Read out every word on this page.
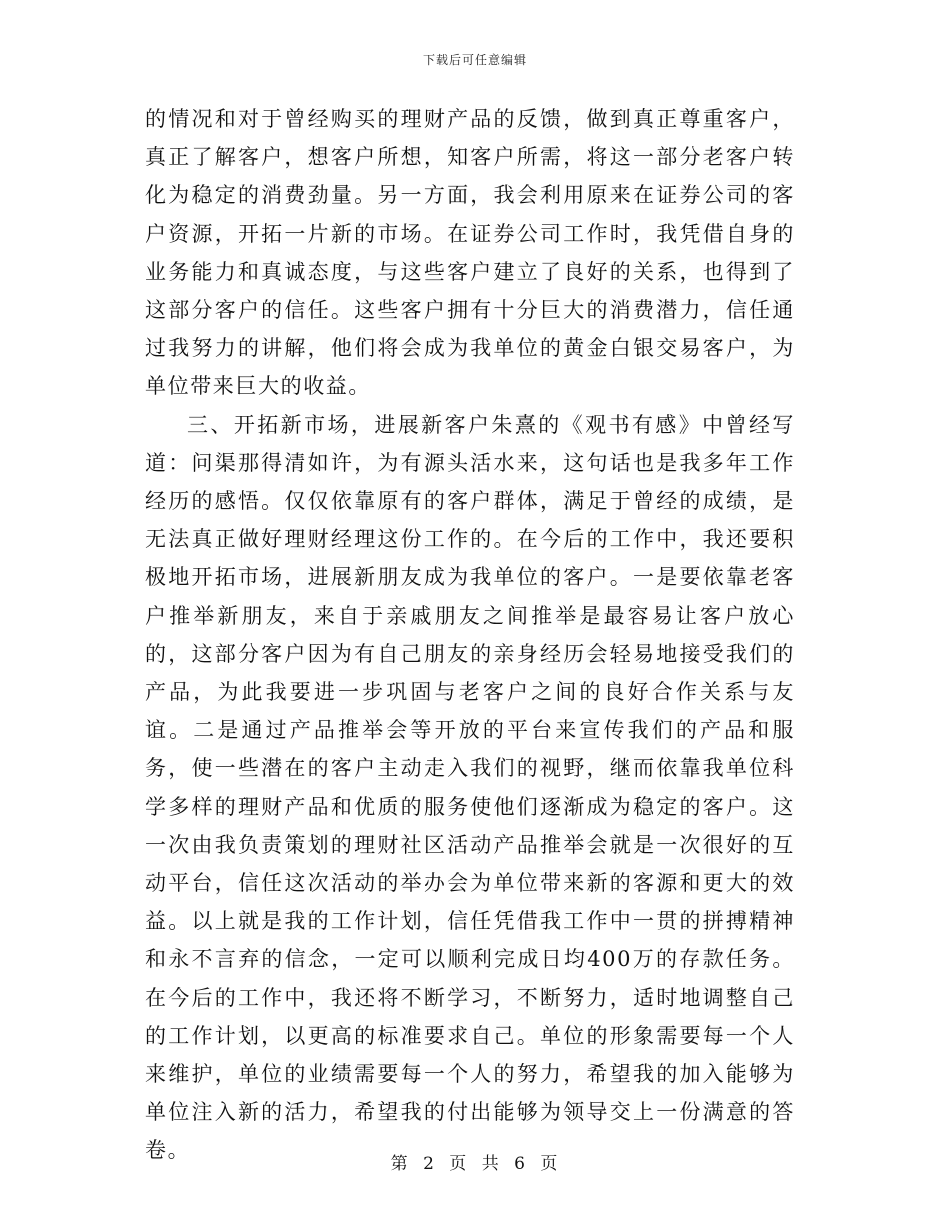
下载后可任意编辑

的情况和对于曾经购买的理财产品的反馈，做到真正尊重客户，真正了解客户，想客户所想，知客户所需，将这一部分老客户转化为稳定的消费劲量。另一方面，我会利用原来在证券公司的客户资源，开拓一片新的市场。在证券公司工作时，我凭借自身的业务能力和真诚态度，与这些客户建立了良好的关系，也得到了这部分客户的信任。这些客户拥有十分巨大的消费潜力，信任通过我努力的讲解，他们将会成为我单位的黄金白银交易客户，为单位带来巨大的收益。

三、开拓新市场，进展新客户朱熹的《观书有感》中曾经写道：问渠那得清如许，为有源头活水来，这句话也是我多年工作经历的感悟。仅仅依靠原有的客户群体，满足于曾经的成绩，是无法真正做好理财经理这份工作的。在今后的工作中，我还要积极地开拓市场，进展新朋友成为我单位的客户。一是要依靠老客户推举新朋友，来自于亲戚朋友之间推举是最容易让客户放心的，这部分客户因为有自己朋友的亲身经历会轻易地接受我们的产品，为此我要进一步巩固与老客户之间的良好合作关系与友谊。二是通过产品推举会等开放的平台来宣传我们的产品和服务，使一些潜在的客户主动走入我们的视野，继而依靠我单位科学多样的理财产品和优质的服务使他们逐渐成为稳定的客户。这一次由我负责策划的理财社区活动产品推举会就是一次很好的互动平台，信任这次活动的举办会为单位带来新的客源和更大的效益。以上就是我的工作计划，信任凭借我工作中一贯的拼搏精神和永不言弃的信念，一定可以顺利完成日均400万的存款任务。在今后的工作中，我还将不断学习，不断努力，适时地调整自己的工作计划，以更高的标准要求自己。单位的形象需要每一个人来维护，单位的业绩需要每一个人的努力，希望我的加入能够为单位注入新的活力，希望我的付出能够为领导交上一份满意的答卷。

第 2 页 共 6 页
